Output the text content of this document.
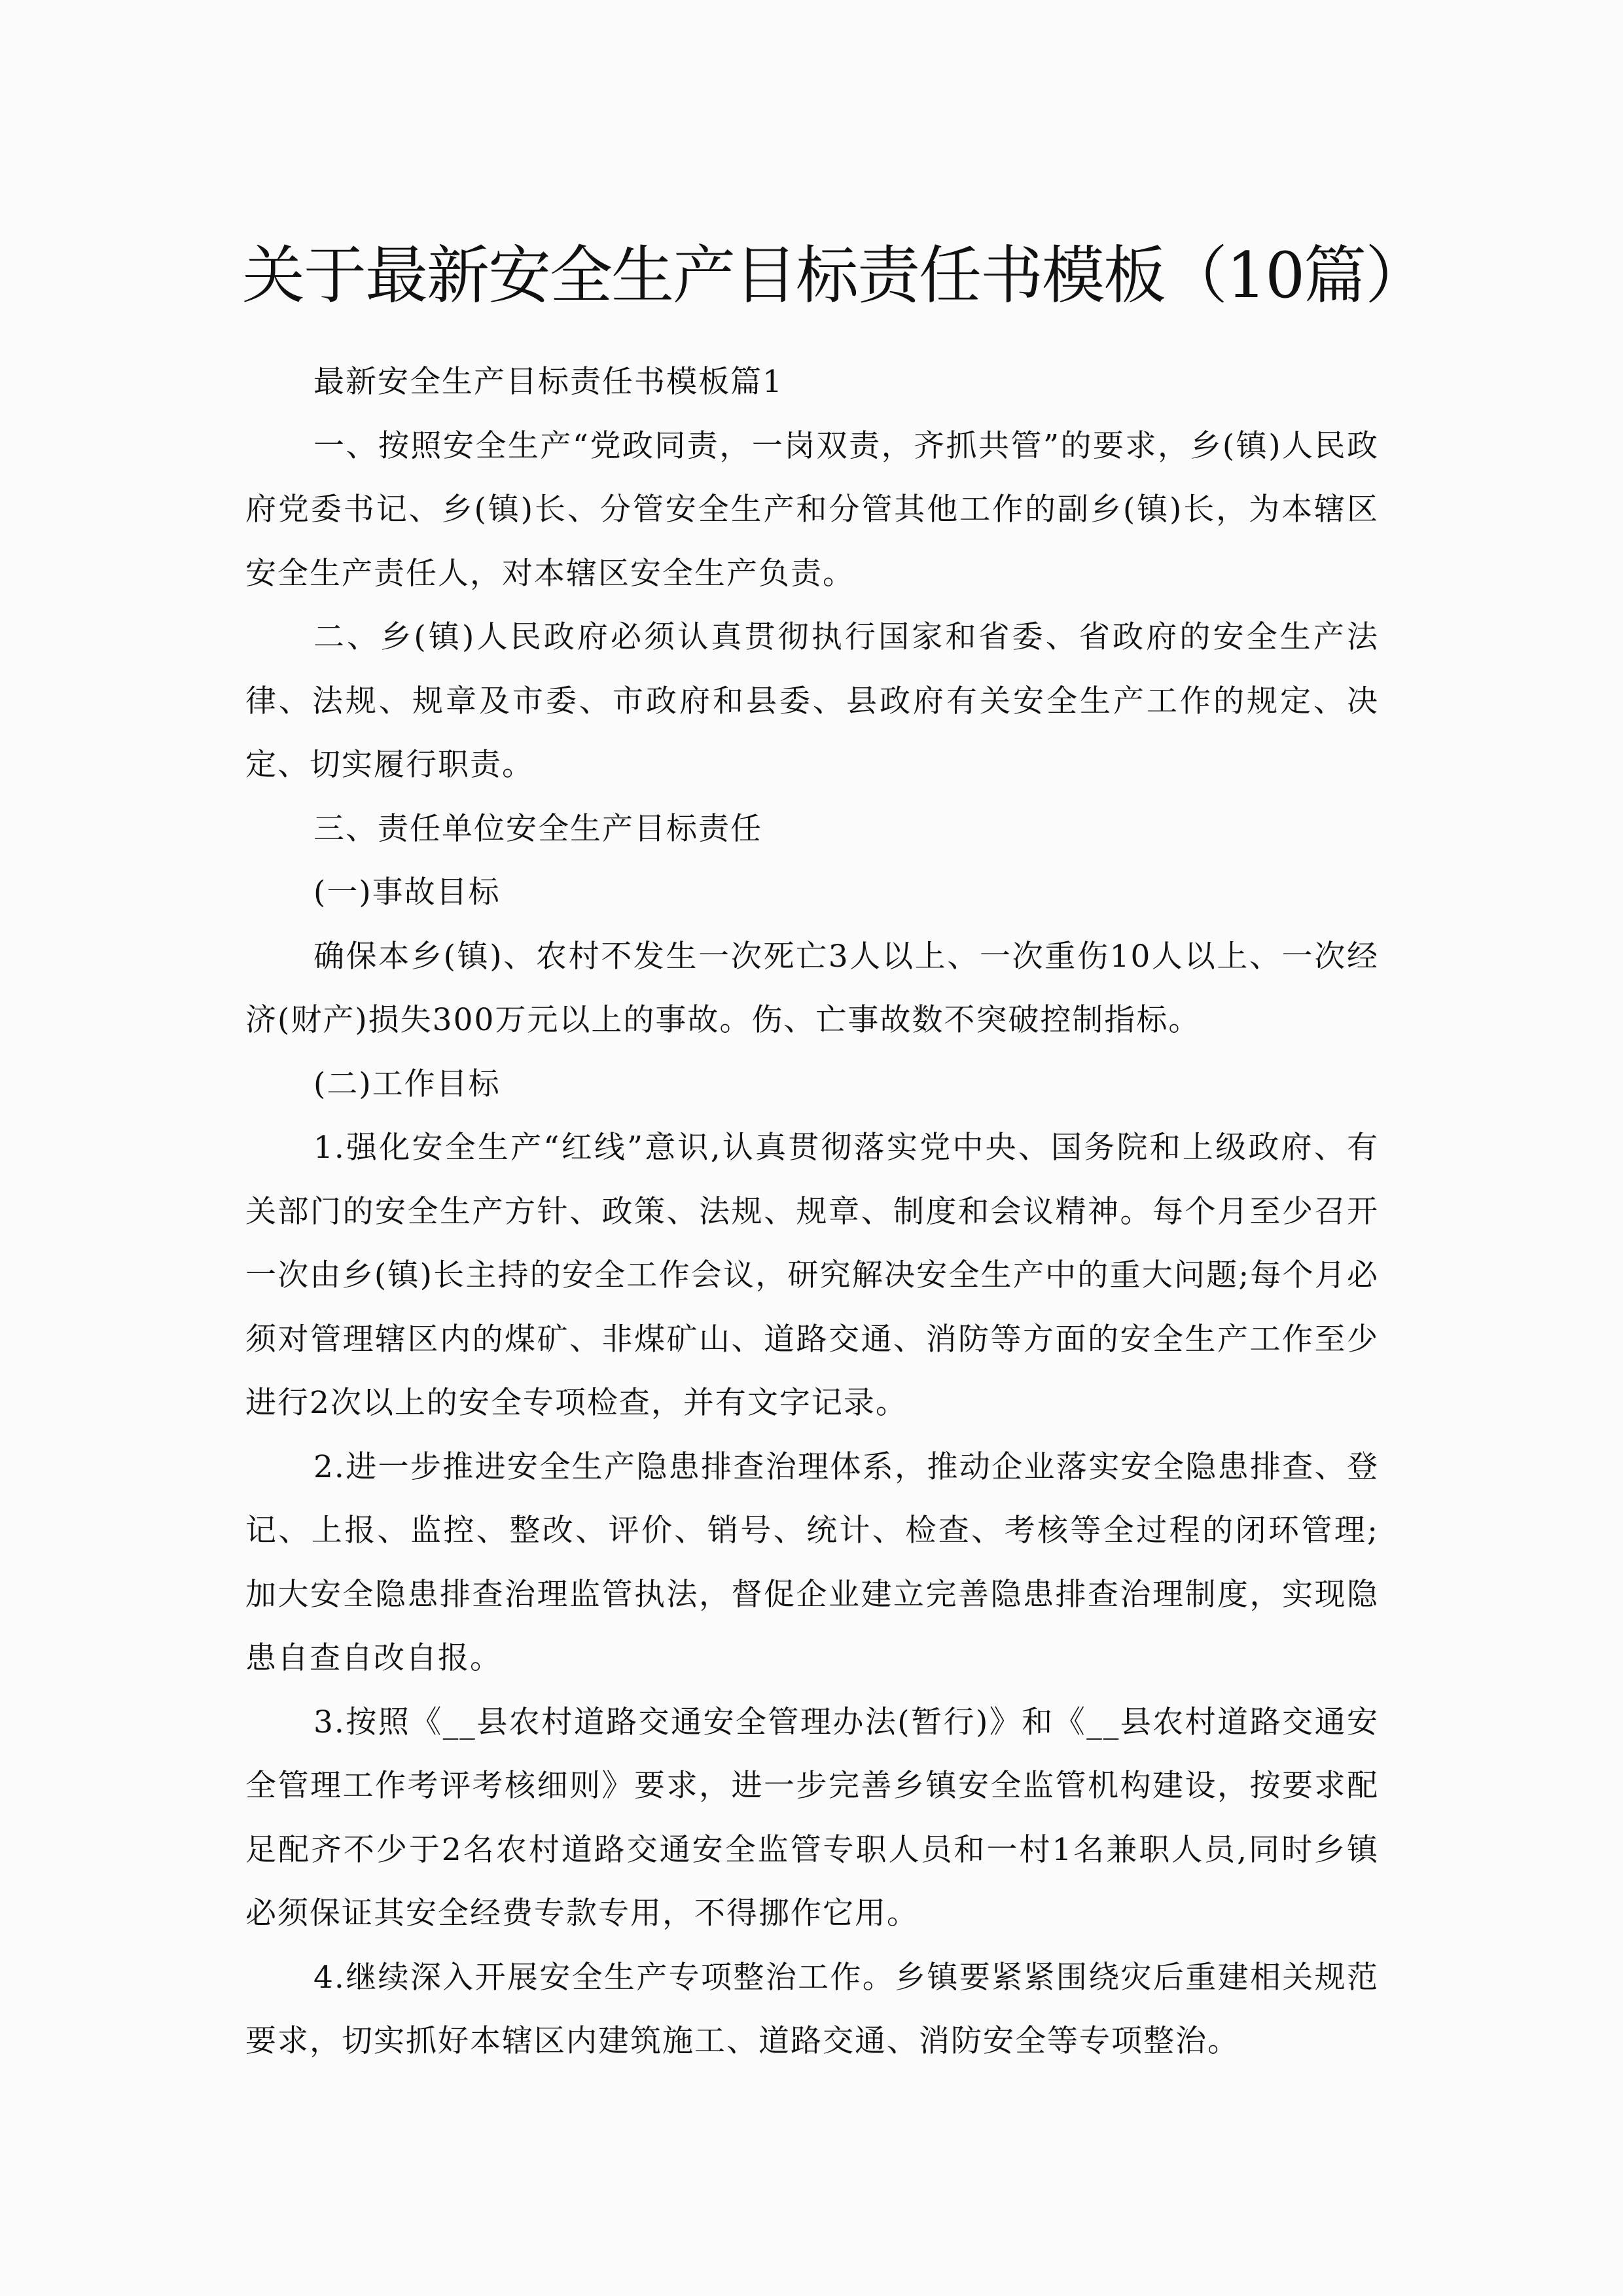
关于最新安全生产目标责任书模板（10篇）

最新安全生产目标责任书模板篇1

一、按照安全生产“党政同责，一岗双责，齐抓共管”的要求，乡(镇)人民政府党委书记、乡(镇)长、分管安全生产和分管其他工作的副乡(镇)长，为本辖区安全生产责任人，对本辖区安全生产负责。

二、乡(镇)人民政府必须认真贯彻执行国家和省委、省政府的安全生产法律、法规、规章及市委、市政府和县委、县政府有关安全生产工作的规定、决定、切实履行职责。

三、责任单位安全生产目标责任

(一)事故目标

确保本乡(镇)、农村不发生一次死亡3人以上、一次重伤10人以上、一次经济(财产)损失300万元以上的事故。伤、亡事故数不突破控制指标。

(二)工作目标

1.强化安全生产“红线”意识,认真贯彻落实党中央、国务院和上级政府、有关部门的安全生产方针、政策、法规、规章、制度和会议精神。每个月至少召开一次由乡(镇)长主持的安全工作会议，研究解决安全生产中的重大问题;每个月必须对管理辖区内的煤矿、非煤矿山、道路交通、消防等方面的安全生产工作至少进行2次以上的安全专项检查，并有文字记录。

2.进一步推进安全生产隐患排查治理体系，推动企业落实安全隐患排查、登记、上报、监控、整改、评价、销号、统计、检查、考核等全过程的闭环管理;加大安全隐患排查治理监管执法，督促企业建立完善隐患排查治理制度，实现隐患自查自改自报。

3.按照《__县农村道路交通安全管理办法(暂行)》和《__县农村道路交通安全管理工作考评考核细则》要求，进一步完善乡镇安全监管机构建设，按要求配足配齐不少于2名农村道路交通安全监管专职人员和一村1名兼职人员,同时乡镇必须保证其安全经费专款专用，不得挪作它用。

4.继续深入开展安全生产专项整治工作。乡镇要紧紧围绕灾后重建相关规范要求，切实抓好本辖区内建筑施工、道路交通、消防安全等专项整治。
